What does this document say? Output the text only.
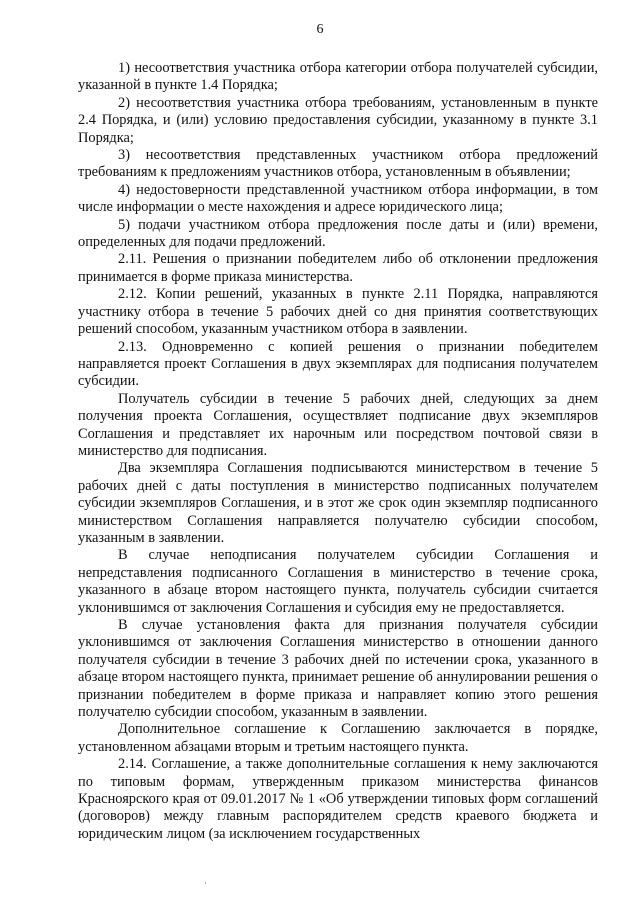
6

1) несоответствия участника отбора категории отбора получателей субсидии, указанной в пункте 1.4 Порядка;

2) несоответствия участника отбора требованиям, установленным в пункте 2.4 Порядка, и (или) условию предоставления субсидии, указанному в пункте 3.1 Порядка;

3) несоответствия представленных участником отбора предложений требованиям к предложениям участников отбора, установленным в объявлении;

4) недостоверности представленной участником отбора информации, в том числе информации о месте нахождения и адресе юридического лица;

5) подачи участником отбора предложения после даты и (или) времени, определенных для подачи предложений.

2.11. Решения о признании победителем либо об отклонении предложения принимается в форме приказа министерства.

2.12. Копии решений, указанных в пункте 2.11 Порядка, направляются участнику отбора в течение 5 рабочих дней со дня принятия соответствующих решений способом, указанным участником отбора в заявлении.

2.13. Одновременно с копией решения о признании победителем направляется проект Соглашения в двух экземплярах для подписания получателем субсидии.

Получатель субсидии в течение 5 рабочих дней, следующих за днем получения проекта Соглашения, осуществляет подписание двух экземпляров Соглашения и представляет их нарочным или посредством почтовой связи в министерство для подписания.

Два экземпляра Соглашения подписываются министерством в течение 5 рабочих дней с даты поступления в министерство подписанных получателем субсидии экземпляров Соглашения, и в этот же срок один экземпляр подписанного министерством Соглашения направляется получателю субсидии способом, указанным в заявлении.

В случае неподписания получателем субсидии Соглашения и непредставления подписанного Соглашения в министерство в течение срока, указанного в абзаце втором настоящего пункта, получатель субсидии считается уклонившимся от заключения Соглашения и субсидия ему не предоставляется.

В случае установления факта для признания получателя субсидии уклонившимся от заключения Соглашения министерство в отношении данного получателя субсидии в течение 3 рабочих дней по истечении срока, указанного в абзаце втором настоящего пункта, принимает решение об аннулировании решения о признании победителем в форме приказа и направляет копию этого решения получателю субсидии способом, указанным в заявлении.

Дополнительное соглашение к Соглашению заключается в порядке, установленном абзацами вторым и третьим настоящего пункта.

2.14. Соглашение, а также дополнительные соглашения к нему заключаются по типовым формам, утвержденным приказом министерства финансов Красноярского края от 09.01.2017 № 1 «Об утверждении типовых форм соглашений (договоров) между главным распорядителем средств краевого бюджета и юридическим лицом (за исключением государственных

·
